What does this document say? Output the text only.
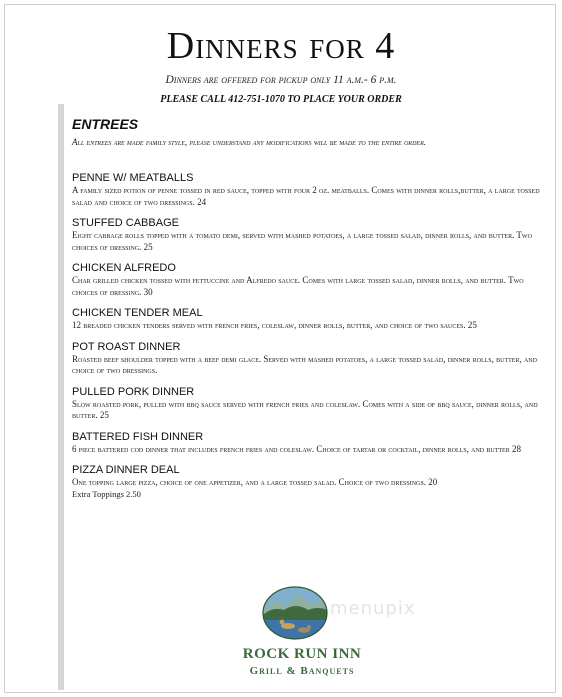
Dinners for 4
Dinners are offered for pickup only 11 a.m.- 6 p.m.
PLEASE CALL 412-751-1070 TO PLACE YOUR ORDER
ENTREES
All entrees are made family style, please understand any modifications will be made to the entire order.
PENNE W/ MEATBALLS
A family sized potion of penne tossed in red sauce, topped with four 2 oz. meatballs. Comes with dinner rolls,butter, a large tossed salad and choice of two dressings. 24
STUFFED CABBAGE
Eight cabbage rolls topped with a tomato demi, served with mashed potatoes, a large tossed salad, dinner rolls, and butter. Two choices of dressing. 25
CHICKEN ALFREDO
Char grilled chicken tossed with fettuccine and Alfredo sauce. Comes with large tossed salad, dinner rolls, and butter. Two choices of dressing. 30
CHICKEN TENDER MEAL
12 breaded chicken tenders served with french fries, coleslaw, dinner rolls, butter, and choice of two sauces. 25
POT ROAST DINNER
Roasted beef shoulder topped with a beef demi glace. Served with mashed potatoes, a large tossed salad, dinner rolls, butter, and choice of two dressings.
PULLED PORK DINNER
Slow roasted pork, pulled with bbq sauce served with french fries and coleslaw. Comes with a side of bbq sauce, dinner rolls, and butter. 25
BATTERED FISH DINNER
6 piece battered cod dinner that includes french fries and coleslaw. Choice of tartar or cocktail, dinner rolls, and butter 28
PIZZA DINNER DEAL
One topping large pizza, choice of one appetizer, and a large tossed salad. Choice of two dressings. 20
Extra Toppings 2.50
ROCK RUN INN
Grill & Banquets
menupix
